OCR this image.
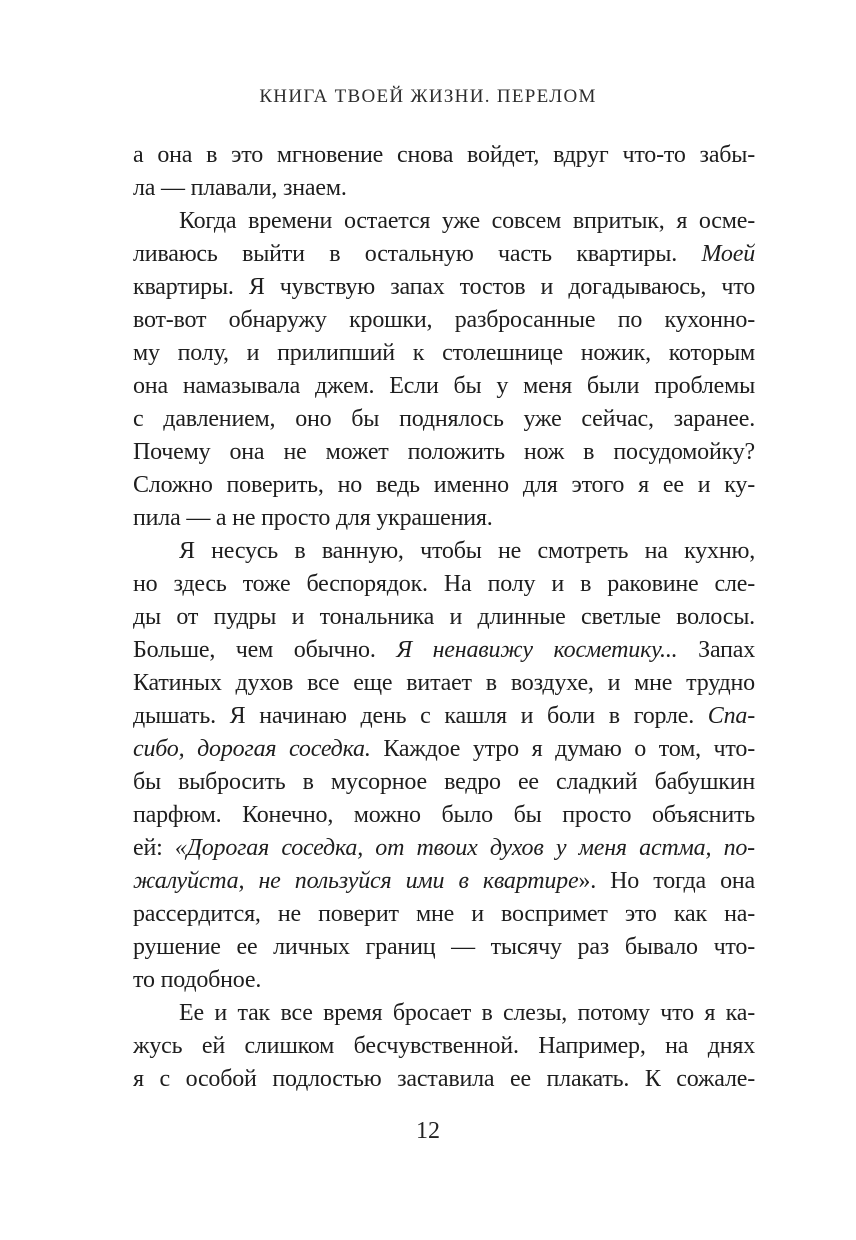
КНИГА ТВОЕЙ ЖИЗНИ. ПЕРЕЛОМ
а она в это мгновение снова войдет, вдруг что-то забы-
ла — плавали, знаем.
Когда времени остается уже совсем впритык, я осме-
ливаюсь выйти в остальную часть квартиры. Моей
квартиры. Я чувствую запах тостов и догадываюсь, что
вот-вот обнаружу крошки, разбросанные по кухонно-
му полу, и прилипший к столешнице ножик, которым
она намазывала джем. Если бы у меня были проблемы
с давлением, оно бы поднялось уже сейчас, заранее.
Почему она не может положить нож в посудомойку?
Сложно поверить, но ведь именно для этого я ее и ку-
пила — а не просто для украшения.
Я несусь в ванную, чтобы не смотреть на кухню,
но здесь тоже беспорядок. На полу и в раковине сле-
ды от пудры и тональника и длинные светлые волосы.
Больше, чем обычно. Я ненавижу косметику... Запах
Катиных духов все еще витает в воздухе, и мне трудно
дышать. Я начинаю день с кашля и боли в горле. Спа-
сибо, дорогая соседка. Каждое утро я думаю о том, что-
бы выбросить в мусорное ведро ее сладкий бабушкин
парфюм. Конечно, можно было бы просто объяснить
ей: «Дорогая соседка, от твоих духов у меня астма, по-
жалуйста, не пользуйся ими в квартире». Но тогда она
рассердится, не поверит мне и воспримет это как на-
рушение ее личных границ — тысячу раз бывало что-
то подобное.
Ее и так все время бросает в слезы, потому что я ка-
жусь ей слишком бесчувственной. Например, на днях
я с особой подлостью заставила ее плакать. К сожале-
12
